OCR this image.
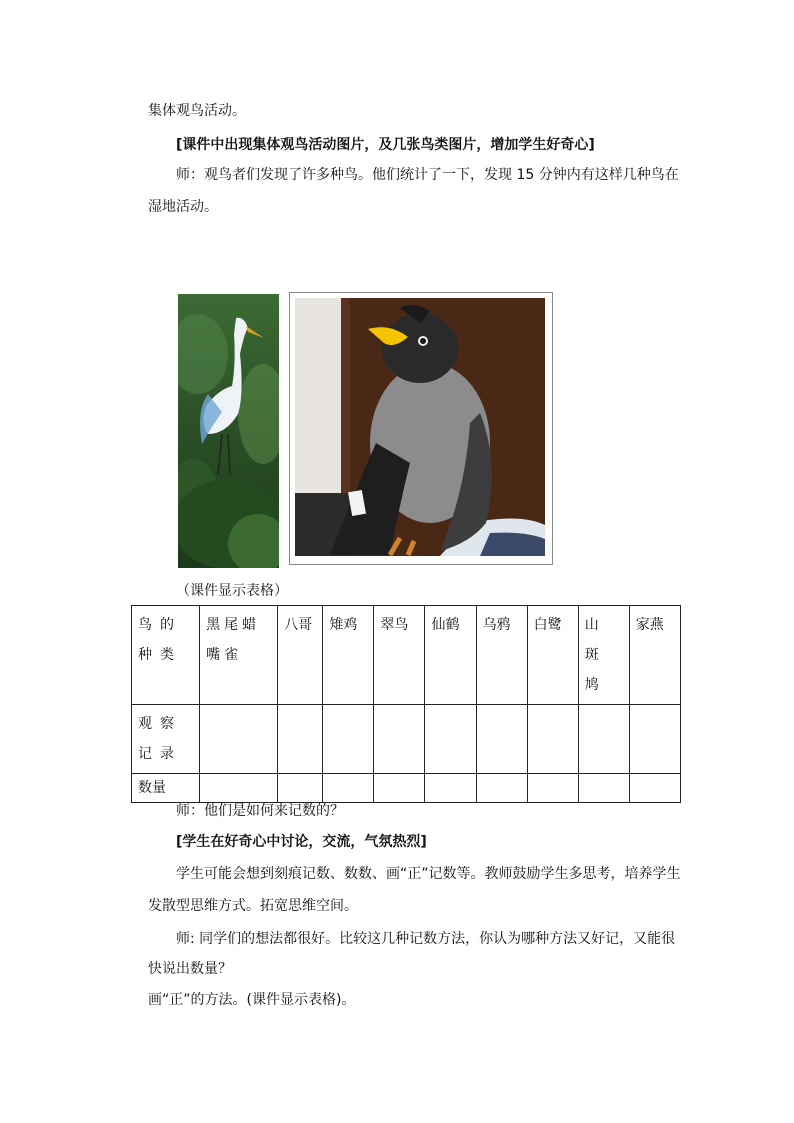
集体观鸟活动。
[课件中出现集体观鸟活动图片，及几张鸟类图片，增加学生好奇心]
师：观鸟者们发现了许多种鸟。他们统计了一下，发现 15 分钟内有这样几种鸟在
湿地活动。
（课件显示表格）
鸟的种类	黑尾蜡嘴雀	八哥	雉鸡	翠鸟	仙鹤	乌鸦	白鹭	山斑鸠	家燕
观察记录									
数量									
师：他们是如何来记数的？
[学生在好奇心中讨论，交流，气氛热烈]
学生可能会想到刻痕记数、数数、画“正”记数等。教师鼓励学生多思考，培养学生
发散型思维方式。拓宽思维空间。
师: 同学们的想法都很好。比较这几种记数方法，你认为哪种方法又好记，又能很
快说出数量？
画“正”的方法。(课件显示表格)。
